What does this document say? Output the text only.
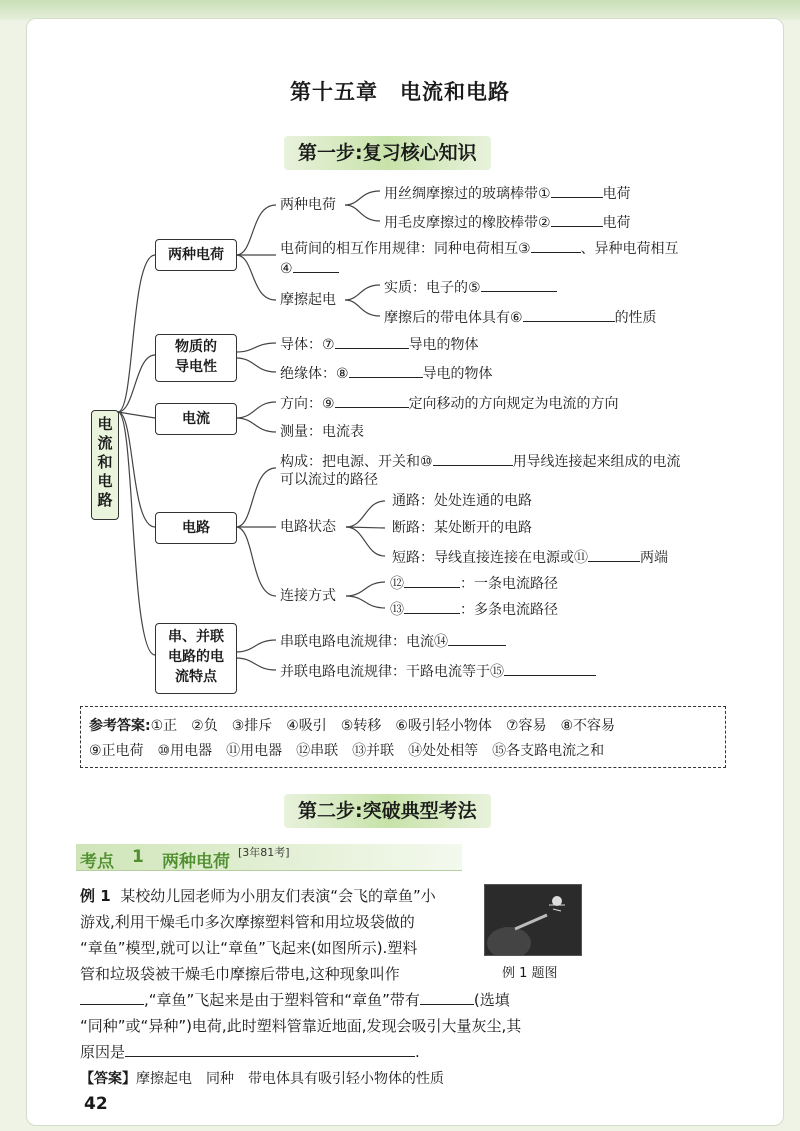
第十五章　电流和电路
第一步:复习核心知识
电
流
和
电
路
两种电荷
物质的
导电性
电流
电路
串、并联
电路的电
流特点
两种电荷
用丝绸摩擦过的玻璃棒带①	电荷
用毛皮摩擦过的橡胶棒带②	电荷
电荷间的相互作用规律：同种电荷相互③	、异种电荷相互
④
摩擦起电
实质：电子的⑤
摩擦后的带电体具有⑥	的性质
导体：⑦	导电的物体
绝缘体：⑧	导电的物体
方向：⑨	定向移动的方向规定为电流的方向
测量：电流表
构成：把电源、开关和⑩	用导线连接起来组成的电流
可以流过的路径
电路状态
通路：处处连通的电路
断路：某处断开的电路
短路：导线直接连接在电源或⑪	两端
连接方式
⑫	：一条电流路径
⑬	：多条电流路径
串联电路电流规律：电流⑭
并联电路电流规律：干路电流等于⑮
参考答案:①正　②负　③排斥　④吸引　⑤转移　⑥吸引轻小物体　⑦容易　⑧不容易
⑨正电荷　⑩用电器　⑪用电器　⑫串联　⑬并联　⑭处处相等　⑮各支路电流之和
第二步:突破典型考法
考点 1 两种电荷 [3年81考]
例 1 某校幼儿园老师为小朋友们表演“会飞的章鱼”小
游戏,利用干燥毛巾多次摩擦塑料管和用垃圾袋做的
“章鱼”模型,就可以让“章鱼”飞起来(如图所示).塑料
管和垃圾袋被干燥毛巾摩擦后带电,这种现象叫作
,“章鱼”飞起来是由于塑料管和“章鱼”带有	(选填
“同种”或“异种”)电荷,此时塑料管靠近地面,发现会吸引大量灰尘,其
原因是	.
例 1 题图
【答案】摩擦起电　同种　带电体具有吸引轻小物体的性质
42
